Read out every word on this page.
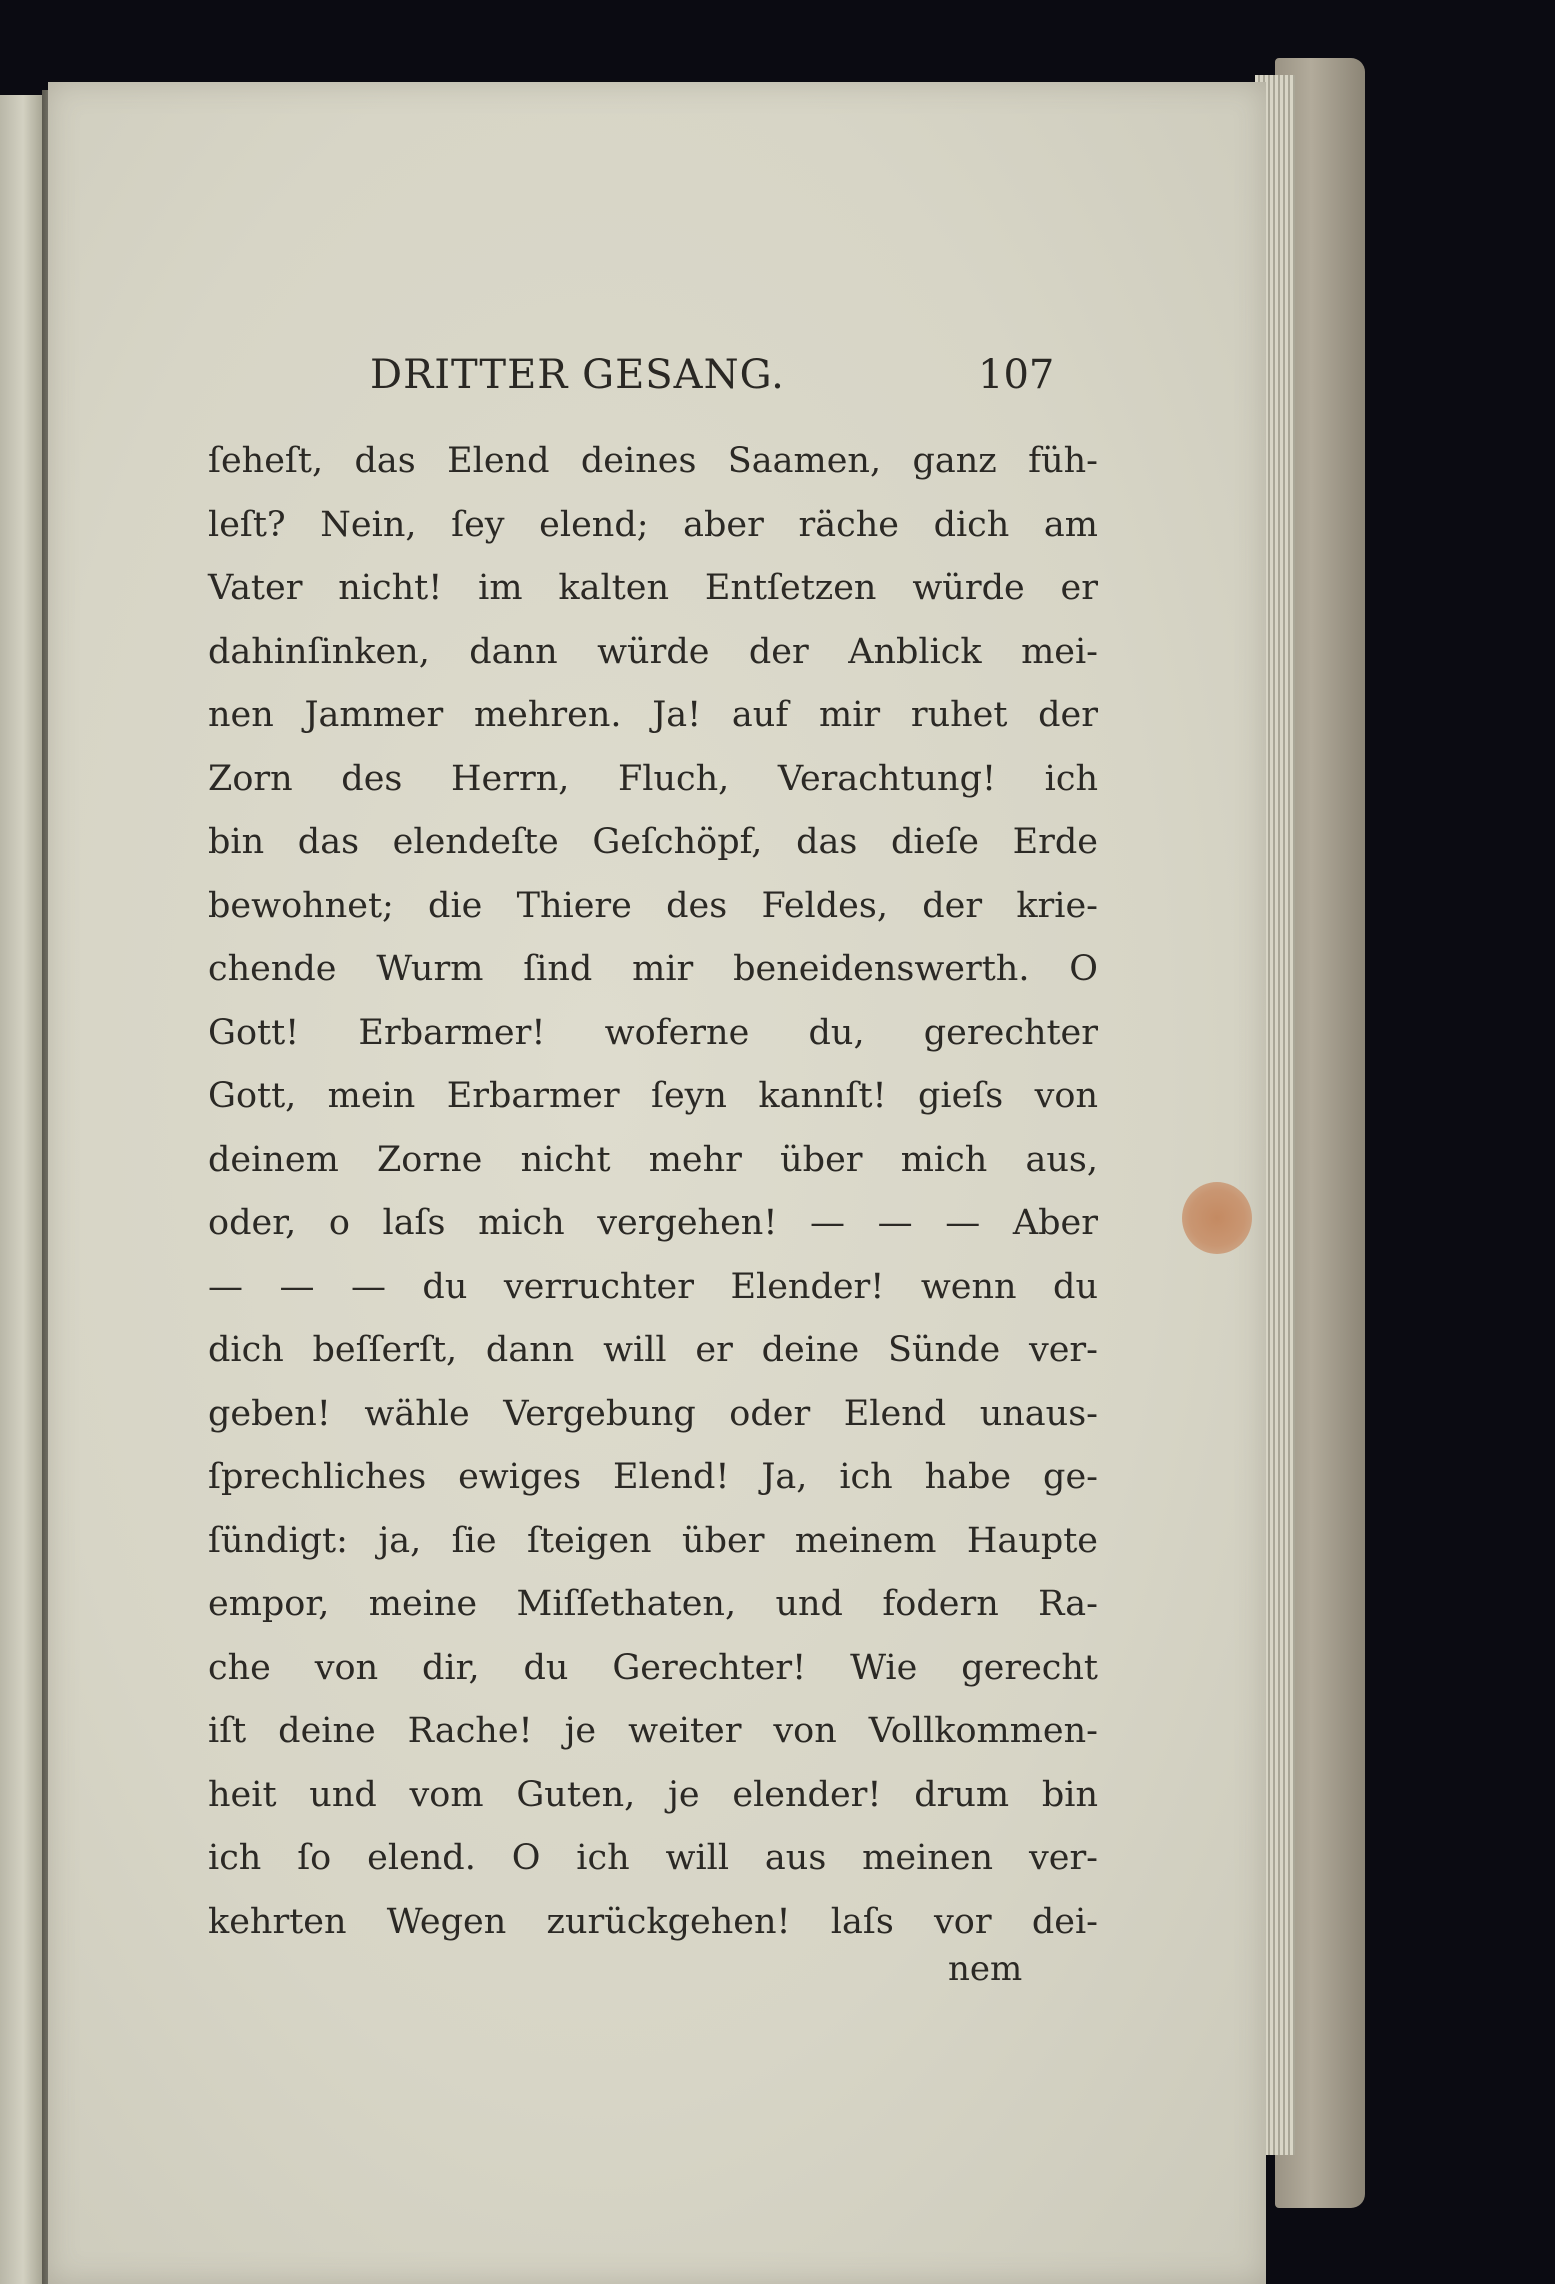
DRITTER GESANG.	107
ſeheſt, das Elend deines Saamen, ganz füh-
leſt? Nein, ſey elend; aber räche dich am
Vater nicht! im kalten Entſetzen würde er
dahinſinken, dann würde der Anblick mei-
nen Jammer mehren. Ja! auf mir ruhet der
Zorn des Herrn, Fluch, Verachtung! ich
bin das elendeſte Geſchöpf, das dieſe Erde
bewohnet; die Thiere des Feldes, der krie-
chende Wurm ſind mir beneidenswerth. O
Gott! Erbarmer! woferne du, gerechter
Gott, mein Erbarmer ſeyn kannſt! gieſs von
deinem Zorne nicht mehr über mich aus,
oder, o laſs mich vergehen! — — — Aber
— — — du verruchter Elender! wenn du
dich beſſerſt, dann will er deine Sünde ver-
geben! wähle Vergebung oder Elend unaus-
ſprechliches ewiges Elend! Ja, ich habe ge-
ſündigt: ja, ſie ſteigen über meinem Haupte
empor, meine Miſſethaten, und fodern Ra-
che von dir, du Gerechter! Wie gerecht
iſt deine Rache! je weiter von Vollkommen-
heit und vom Guten, je elender! drum bin
ich ſo elend. O ich will aus meinen ver-
kehrten Wegen zurückgehen! laſs vor dei-
nem
